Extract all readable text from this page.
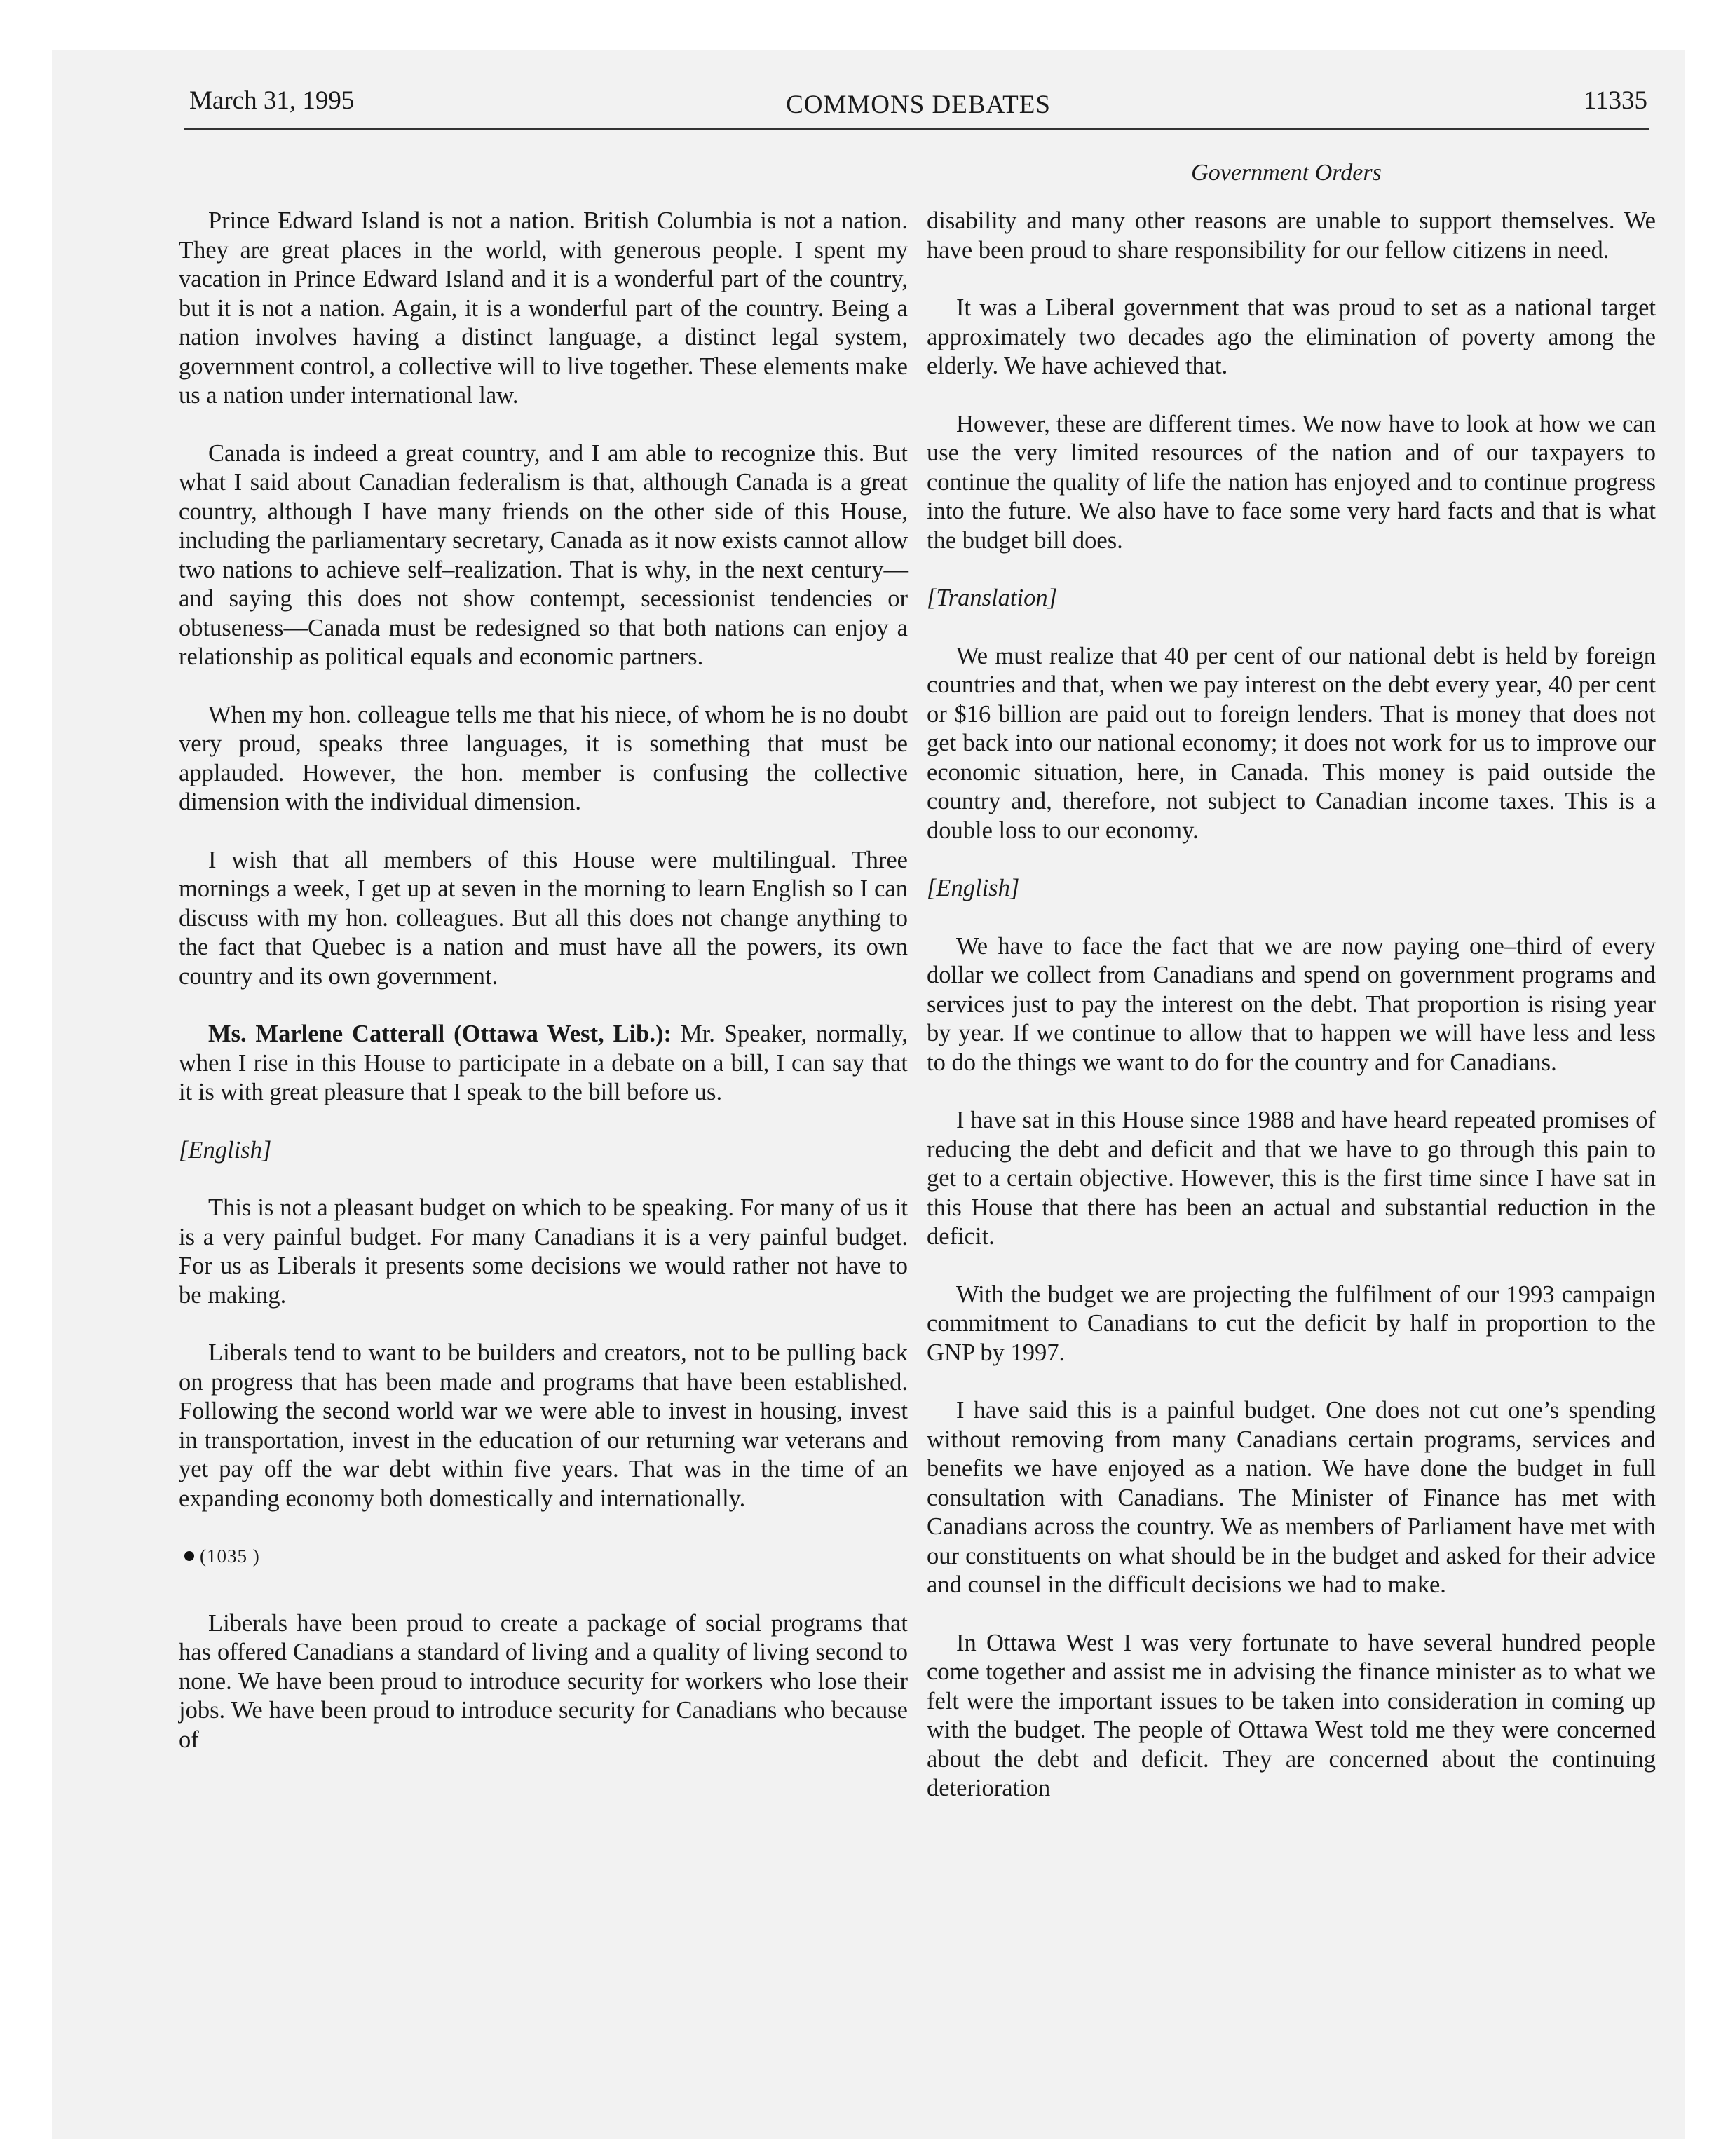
March 31, 1995	COMMONS DEBATES	11335
Government Orders

Prince Edward Island is not a nation. British Columbia is not a nation. They are great places in the world, with generous people. I spent my vacation in Prince Edward Island and it is a wonderful part of the country, but it is not a nation. Again, it is a wonderful part of the country. Being a nation involves having a distinct language, a distinct legal system, government control, a collective will to live together. These elements make us a nation under international law.

Canada is indeed a great country, and I am able to recognize this. But what I said about Canadian federalism is that, although Canada is a great country, although I have many friends on the other side of this House, including the parliamentary secretary, Canada as it now exists cannot allow two nations to achieve self–realization. That is why, in the next century—and saying this does not show contempt, secessionist tendencies or obtuseness—Canada must be redesigned so that both nations can enjoy a relationship as political equals and economic partners.

When my hon. colleague tells me that his niece, of whom he is no doubt very proud, speaks three languages, it is something that must be applauded. However, the hon. member is confusing the collective dimension with the individual dimension.

I wish that all members of this House were multilingual. Three mornings a week, I get up at seven in the morning to learn English so I can discuss with my hon. colleagues. But all this does not change anything to the fact that Quebec is a nation and must have all the powers, its own country and its own government.

Ms. Marlene Catterall (Ottawa West, Lib.): Mr. Speaker, normally, when I rise in this House to participate in a debate on a bill, I can say that it is with great pleasure that I speak to the bill before us.

[English]

This is not a pleasant budget on which to be speaking. For many of us it is a very painful budget. For many Canadians it is a very painful budget. For us as Liberals it presents some decisions we would rather not have to be making.

Liberals tend to want to be builders and creators, not to be pulling back on progress that has been made and programs that have been established. Following the second world war we were able to invest in housing, invest in transportation, invest in the education of our returning war veterans and yet pay off the war debt within five years. That was in the time of an expanding economy both domestically and internationally.

(1035 )

Liberals have been proud to create a package of social programs that has offered Canadians a standard of living and a quality of living second to none. We have been proud to introduce security for workers who lose their jobs. We have been proud to introduce security for Canadians who because of

disability and many other reasons are unable to support themselves. We have been proud to share responsibility for our fellow citizens in need.

It was a Liberal government that was proud to set as a national target approximately two decades ago the elimination of poverty among the elderly. We have achieved that.

However, these are different times. We now have to look at how we can use the very limited resources of the nation and of our taxpayers to continue the quality of life the nation has enjoyed and to continue progress into the future. We also have to face some very hard facts and that is what the budget bill does.

[Translation]

We must realize that 40 per cent of our national debt is held by foreign countries and that, when we pay interest on the debt every year, 40 per cent or $16 billion are paid out to foreign lenders. That is money that does not get back into our national economy; it does not work for us to improve our economic situation, here, in Canada. This money is paid outside the country and, therefore, not subject to Canadian income taxes. This is a double loss to our economy.

[English]

We have to face the fact that we are now paying one–third of every dollar we collect from Canadians and spend on government programs and services just to pay the interest on the debt. That proportion is rising year by year. If we continue to allow that to happen we will have less and less to do the things we want to do for the country and for Canadians.

I have sat in this House since 1988 and have heard repeated promises of reducing the debt and deficit and that we have to go through this pain to get to a certain objective. However, this is the first time since I have sat in this House that there has been an actual and substantial reduction in the deficit.

With the budget we are projecting the fulfilment of our 1993 campaign commitment to Canadians to cut the deficit by half in proportion to the GNP by 1997.

I have said this is a painful budget. One does not cut one’s spending without removing from many Canadians certain programs, services and benefits we have enjoyed as a nation. We have done the budget in full consultation with Canadians. The Minister of Finance has met with Canadians across the country. We as members of Parliament have met with our constituents on what should be in the budget and asked for their advice and counsel in the difficult decisions we had to make.

In Ottawa West I was very fortunate to have several hundred people come together and assist me in advising the finance minister as to what we felt were the important issues to be taken into consideration in coming up with the budget. The people of Ottawa West told me they were concerned about the debt and deficit. They are concerned about the continuing deterioration
